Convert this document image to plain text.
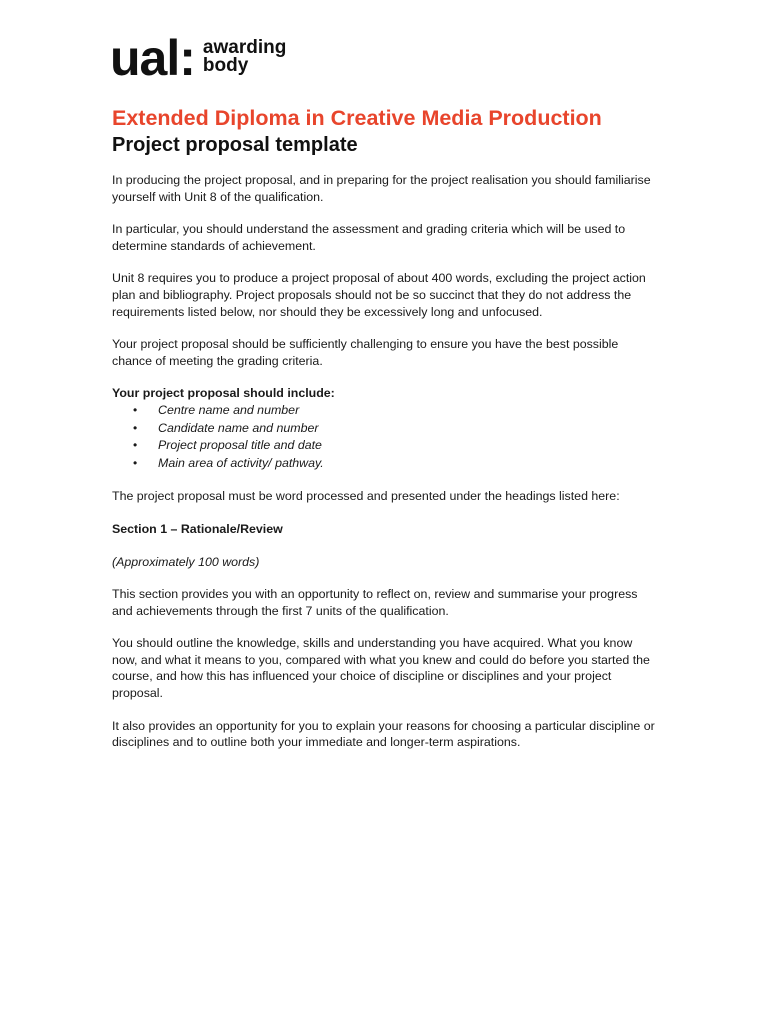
ual: awarding
body
Extended Diploma in Creative Media Production
Project proposal template

In producing the project proposal, and in preparing for the project realisation you should familiarise yourself with Unit 8 of the qualification.

In particular, you should understand the assessment and grading criteria which will be used to determine standards of achievement.

Unit 8 requires you to produce a project proposal of about 400 words, excluding the project action plan and bibliography. Project proposals should not be so succinct that they do not address the requirements listed below, nor should they be excessively long and unfocused.

Your project proposal should be sufficiently challenging to ensure you have the best possible chance of meeting the grading criteria.

Your project proposal should include:

• Centre name and number
• Candidate name and number
• Project proposal title and date
• Main area of activity/ pathway.

The project proposal must be word processed and presented under the headings listed here:

Section 1 – Rationale/Review

(Approximately 100 words)

This section provides you with an opportunity to reflect on, review and summarise your progress and achievements through the first 7 units of the qualification.

You should outline the knowledge, skills and understanding you have acquired. What you know now, and what it means to you, compared with what you knew and could do before you started the course, and how this has influenced your choice of discipline or disciplines and your project proposal.

It also provides an opportunity for you to explain your reasons for choosing a particular discipline or disciplines and to outline both your immediate and longer-term aspirations.
